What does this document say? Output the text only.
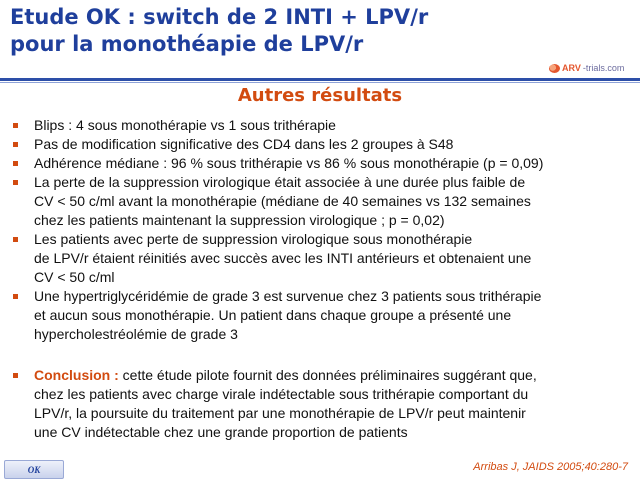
Etude OK : switch de 2 INTI + LPV/r
pour la monothéapie de LPV/r
ARV -trials.com
Autres résultats
Blips : 4 sous monothérapie vs 1 sous trithérapie
Pas de modification significative des CD4 dans les 2 groupes à S48
Adhérence médiane : 96 % sous trithérapie vs 86 % sous monothérapie (p = 0,09)
La perte de la suppression virologique était associée à une durée plus faible de
CV < 50 c/ml avant la monothérapie (médiane de 40 semaines vs 132 semaines
chez les patients maintenant la suppression virologique ; p = 0,02)
Les patients avec perte de suppression virologique sous monothérapie
de LPV/r étaient réinitiés avec succès avec les INTI antérieurs et obtenaient une
CV < 50 c/ml
Une hypertriglycéridémie de grade 3 est survenue chez 3 patients sous trithérapie
et aucun sous monothérapie. Un patient dans chaque groupe a présenté une
hypercholestréolémie de grade 3
Conclusion : cette étude pilote fournit des données préliminaires suggérant que,
chez les patients avec charge virale indétectable sous trithérapie comportant du
LPV/r, la poursuite du traitement par une monothérapie de LPV/r peut maintenir
une CV indétectable chez une grande proportion de patients
OK	Arribas J, JAIDS 2005;40:280-7
